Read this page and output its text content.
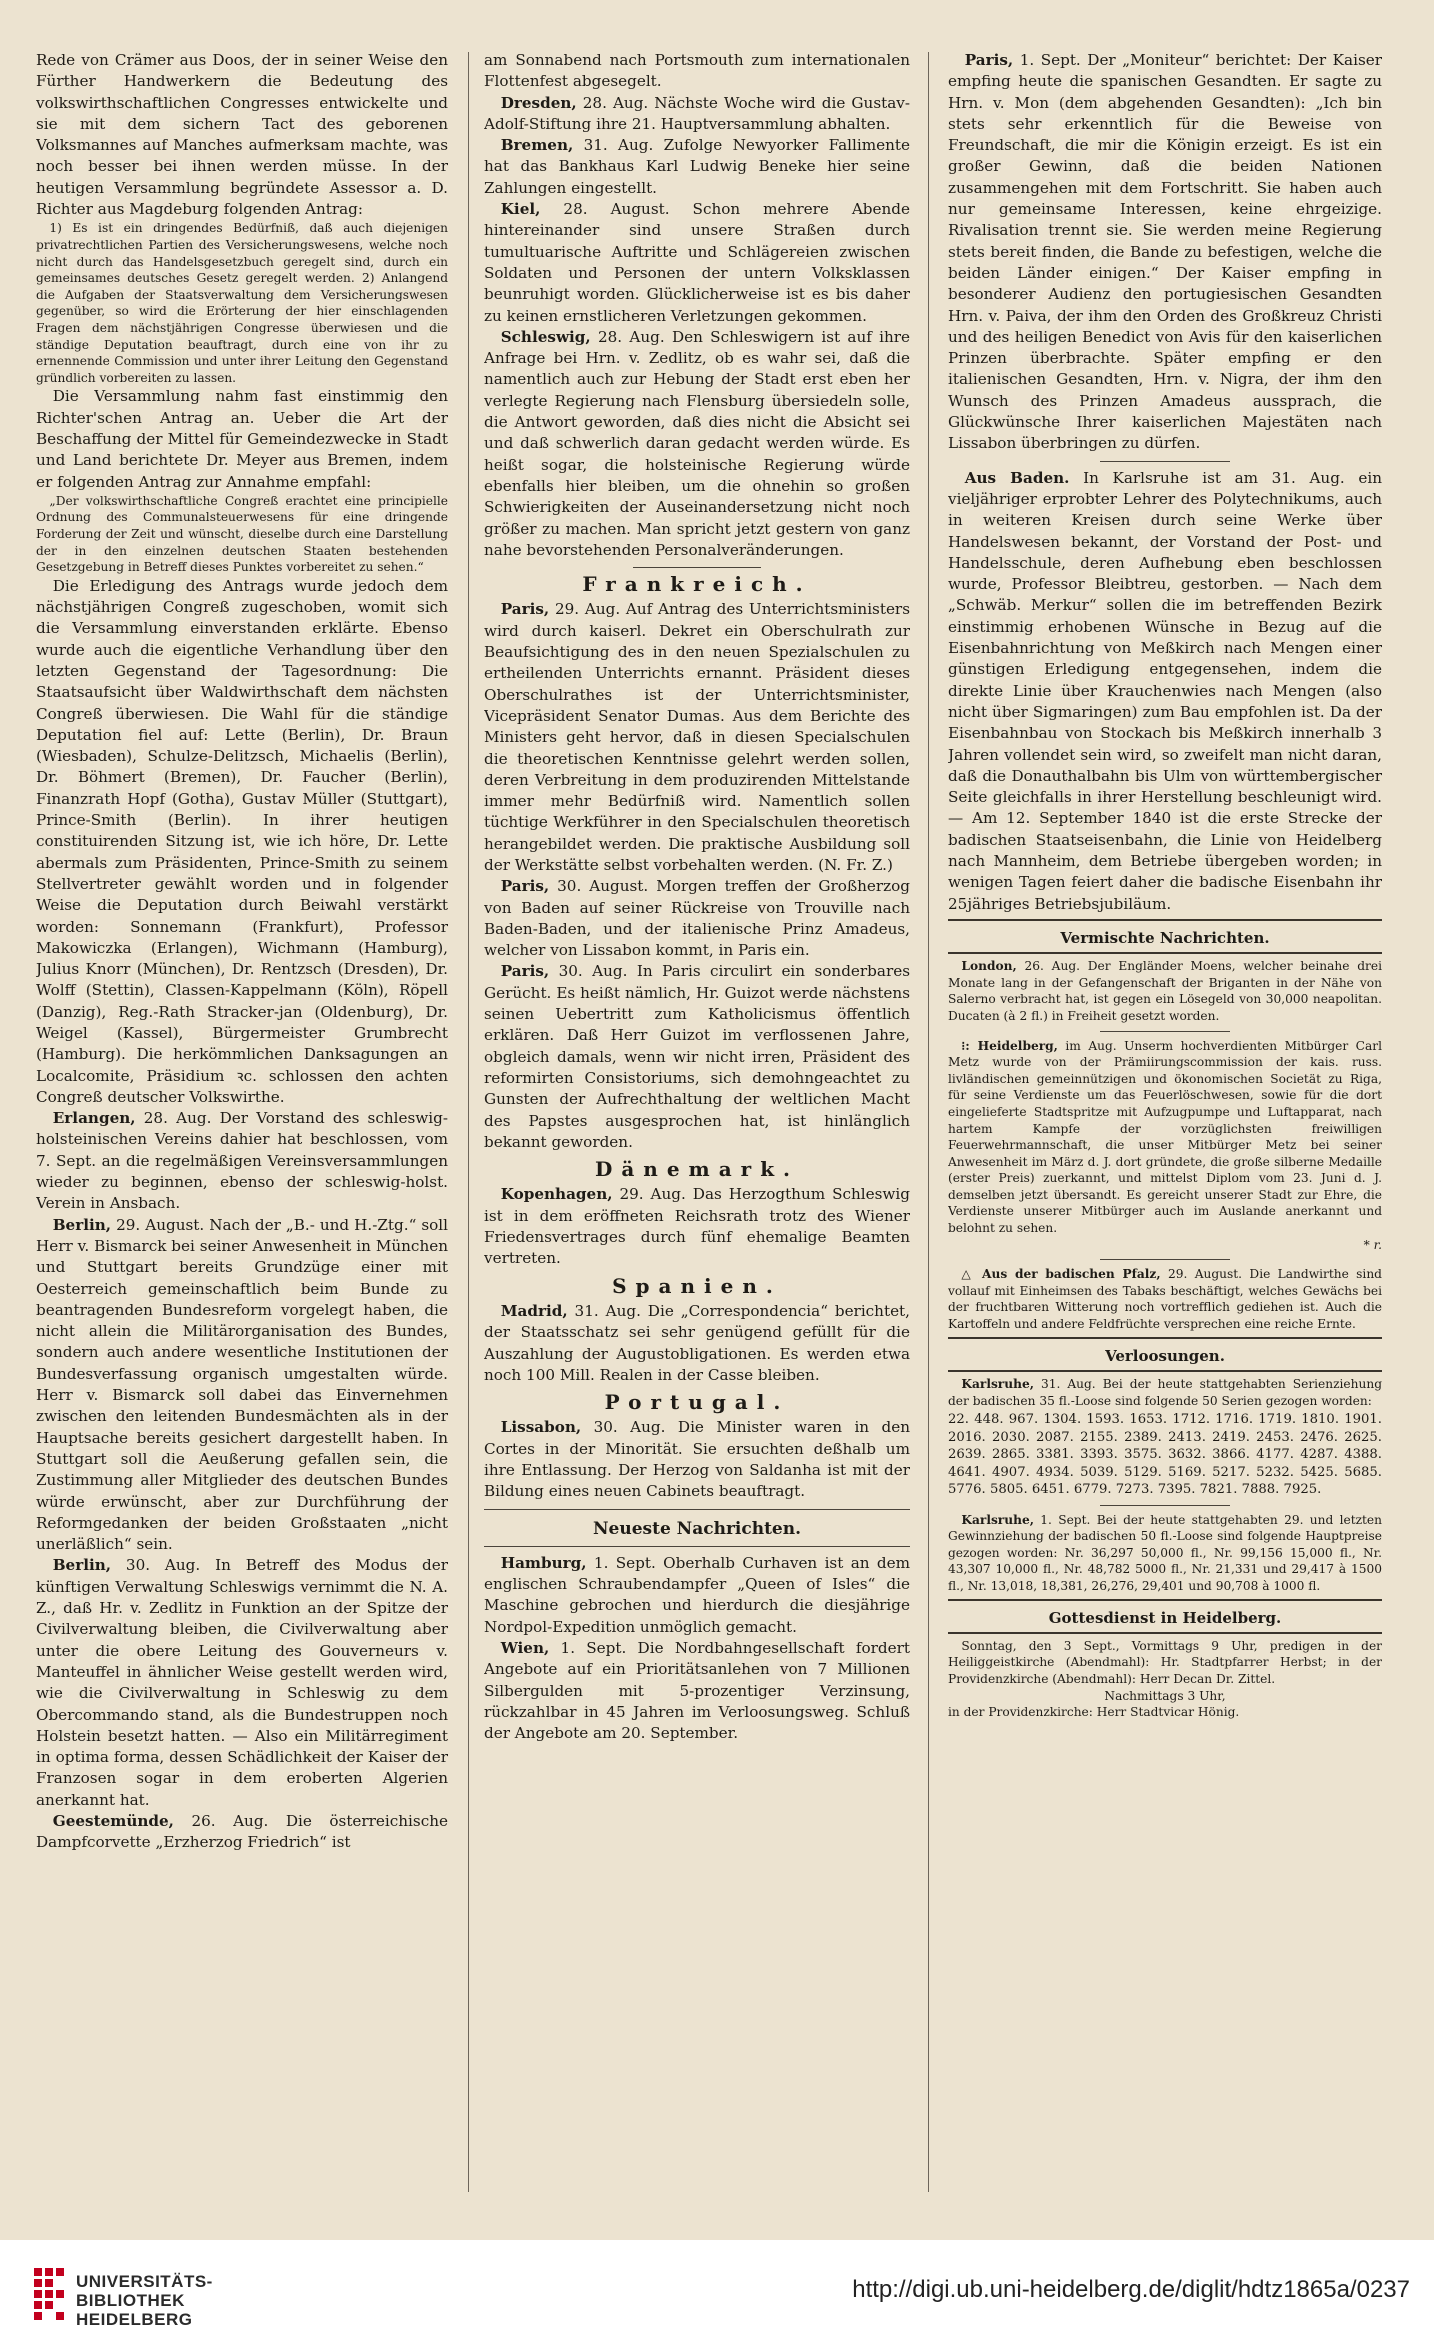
Rede von Crämer aus Doos, der in seiner Weise den Fürther Handwerkern die Bedeutung des volkswirthschaftlichen Congresses entwickelte und sie mit dem sichern Tact des geborenen Volksmannes auf Manches aufmerksam machte, was noch besser bei ihnen werden müsse. In der heutigen Versammlung begründete Assessor a. D. Richter aus Magdeburg folgenden Antrag:

1) Es ist ein dringendes Bedürfniß, daß auch diejenigen privatrechtlichen Partien des Versicherungswesens, welche noch nicht durch das Handelsgesetzbuch geregelt sind, durch ein gemeinsames deutsches Gesetz geregelt werden. 2) Anlangend die Aufgaben der Staatsverwaltung dem Versicherungswesen gegenüber, so wird die Erörterung der hier einschlagenden Fragen dem nächstjährigen Congresse überwiesen und die ständige Deputation beauftragt, durch eine von ihr zu ernennende Commission und unter ihrer Leitung den Gegenstand gründlich vorbereiten zu lassen.

Die Versammlung nahm fast einstimmig den Richter'schen Antrag an. Ueber die Art der Beschaffung der Mittel für Gemeindezwecke in Stadt und Land berichtete Dr. Meyer aus Bremen, indem er folgenden Antrag zur Annahme empfahl:

„Der volkswirthschaftliche Congreß erachtet eine principielle Ordnung des Communalsteuerwesens für eine dringende Forderung der Zeit und wünscht, dieselbe durch eine Darstellung der in den einzelnen deutschen Staaten bestehenden Gesetzgebung in Betreff dieses Punktes vorbereitet zu sehen.“

Die Erledigung des Antrags wurde jedoch dem nächstjährigen Congreß zugeschoben, womit sich die Versammlung einverstanden erklärte. Ebenso wurde auch die eigentliche Verhandlung über den letzten Gegenstand der Tagesordnung: Die Staatsaufsicht über Waldwirthschaft dem nächsten Congreß überwiesen. Die Wahl für die ständige Deputation fiel auf: Lette (Berlin), Dr. Braun (Wiesbaden), Schulze-Delitzsch, Michaelis (Berlin), Dr. Böhmert (Bremen), Dr. Faucher (Berlin), Finanzrath Hopf (Gotha), Gustav Müller (Stuttgart), Prince-Smith (Berlin). In ihrer heutigen constituirenden Sitzung ist, wie ich höre, Dr. Lette abermals zum Präsidenten, Prince-Smith zu seinem Stellvertreter gewählt worden und in folgender Weise die Deputation durch Beiwahl verstärkt worden: Sonnemann (Frankfurt), Professor Makowiczka (Erlangen), Wichmann (Hamburg), Julius Knorr (München), Dr. Rentzsch (Dresden), Dr. Wolff (Stettin), Classen-Kappelmann (Köln), Röpell (Danzig), Reg.-Rath Stracker-jan (Oldenburg), Dr. Weigel (Kassel), Bürgermeister Grumbrecht (Hamburg). Die herkömmlichen Danksagungen an Localcomite, Präsidium ꝛc. schlossen den achten Congreß deutscher Volkswirthe.

Erlangen, 28. Aug. Der Vorstand des schleswig-holsteinischen Vereins dahier hat beschlossen, vom 7. Sept. an die regelmäßigen Vereinsversammlungen wieder zu beginnen, ebenso der schleswig-holst. Verein in Ansbach.

Berlin, 29. August. Nach der „B.- und H.-Ztg.“ soll Herr v. Bismarck bei seiner Anwesenheit in München und Stuttgart bereits Grundzüge einer mit Oesterreich gemeinschaftlich beim Bunde zu beantragenden Bundesreform vorgelegt haben, die nicht allein die Militärorganisation des Bundes, sondern auch andere wesentliche Institutionen der Bundesverfassung organisch umgestalten würde. Herr v. Bismarck soll dabei das Einvernehmen zwischen den leitenden Bundesmächten als in der Hauptsache bereits gesichert dargestellt haben. In Stuttgart soll die Aeußerung gefallen sein, die Zustimmung aller Mitglieder des deutschen Bundes würde erwünscht, aber zur Durchführung der Reformgedanken der beiden Großstaaten „nicht unerläßlich“ sein.

Berlin, 30. Aug. In Betreff des Modus der künftigen Verwaltung Schleswigs vernimmt die N. A. Z., daß Hr. v. Zedlitz in Funktion an der Spitze der Civilverwaltung bleiben, die Civilverwaltung aber unter die obere Leitung des Gouverneurs v. Manteuffel in ähnlicher Weise gestellt werden wird, wie die Civilverwaltung in Schleswig zu dem Obercommando stand, als die Bundestruppen noch Holstein besetzt hatten. — Also ein Militärregiment in optima forma, dessen Schädlichkeit der Kaiser der Franzosen sogar in dem eroberten Algerien anerkannt hat.

Geestemünde, 26. Aug. Die österreichische Dampfcorvette „Erzherzog Friedrich“ ist

am Sonnabend nach Portsmouth zum internationalen Flottenfest abgesegelt.

Dresden, 28. Aug. Nächste Woche wird die Gustav-Adolf-Stiftung ihre 21. Hauptversammlung abhalten.

Bremen, 31. Aug. Zufolge Newyorker Fallimente hat das Bankhaus Karl Ludwig Beneke hier seine Zahlungen eingestellt.

Kiel, 28. August. Schon mehrere Abende hintereinander sind unsere Straßen durch tumultuarische Auftritte und Schlägereien zwischen Soldaten und Personen der untern Volksklassen beunruhigt worden. Glücklicherweise ist es bis daher zu keinen ernstlicheren Verletzungen gekommen.

Schleswig, 28. Aug. Den Schleswigern ist auf ihre Anfrage bei Hrn. v. Zedlitz, ob es wahr sei, daß die namentlich auch zur Hebung der Stadt erst eben her verlegte Regierung nach Flensburg übersiedeln solle, die Antwort geworden, daß dies nicht die Absicht sei und daß schwerlich daran gedacht werden würde. Es heißt sogar, die holsteinische Regierung würde ebenfalls hier bleiben, um die ohnehin so großen Schwierigkeiten der Auseinandersetzung nicht noch größer zu machen. Man spricht jetzt gestern von ganz nahe bevorstehenden Personalveränderungen.

Frankreich.

Paris, 29. Aug. Auf Antrag des Unterrichtsministers wird durch kaiserl. Dekret ein Oberschulrath zur Beaufsichtigung des in den neuen Spezialschulen zu ertheilenden Unterrichts ernannt. Präsident dieses Oberschulrathes ist der Unterrichtsminister, Vicepräsident Senator Dumas. Aus dem Berichte des Ministers geht hervor, daß in diesen Specialschulen die theoretischen Kenntnisse gelehrt werden sollen, deren Verbreitung in dem produzirenden Mittelstande immer mehr Bedürfniß wird. Namentlich sollen tüchtige Werkführer in den Specialschulen theoretisch herangebildet werden. Die praktische Ausbildung soll der Werkstätte selbst vorbehalten werden. (N. Fr. Z.)

Paris, 30. August. Morgen treffen der Großherzog von Baden auf seiner Rückreise von Trouville nach Baden-Baden, und der italienische Prinz Amadeus, welcher von Lissabon kommt, in Paris ein.

Paris, 30. Aug. In Paris circulirt ein sonderbares Gerücht. Es heißt nämlich, Hr. Guizot werde nächstens seinen Uebertritt zum Katholicismus öffentlich erklären. Daß Herr Guizot im verflossenen Jahre, obgleich damals, wenn wir nicht irren, Präsident des reformirten Consistoriums, sich demohngeachtet zu Gunsten der Aufrechthaltung der weltlichen Macht des Papstes ausgesprochen hat, ist hinlänglich bekannt geworden.

Dänemark.

Kopenhagen, 29. Aug. Das Herzogthum Schleswig ist in dem eröffneten Reichsrath trotz des Wiener Friedensvertrages durch fünf ehemalige Beamten vertreten.

Spanien.

Madrid, 31. Aug. Die „Correspondencia“ berichtet, der Staatsschatz sei sehr genügend gefüllt für die Auszahlung der Augustobligationen. Es werden etwa noch 100 Mill. Realen in der Casse bleiben.

Portugal.

Lissabon, 30. Aug. Die Minister waren in den Cortes in der Minorität. Sie ersuchten deßhalb um ihre Entlassung. Der Herzog von Saldanha ist mit der Bildung eines neuen Cabinets beauftragt.

Neueste Nachrichten.

Hamburg, 1. Sept. Oberhalb Curhaven ist an dem englischen Schraubendampfer „Queen of Isles“ die Maschine gebrochen und hierdurch die diesjährige Nordpol-Expedition unmöglich gemacht.

Wien, 1. Sept. Die Nordbahngesellschaft fordert Angebote auf ein Prioritätsanlehen von 7 Millionen Silbergulden mit 5-prozentiger Verzinsung, rückzahlbar in 45 Jahren im Verloosungsweg. Schluß der Angebote am 20. September.

Paris, 1. Sept. Der „Moniteur“ berichtet: Der Kaiser empfing heute die spanischen Gesandten. Er sagte zu Hrn. v. Mon (dem abgehenden Gesandten): „Ich bin stets sehr erkenntlich für die Beweise von Freundschaft, die mir die Königin erzeigt. Es ist ein großer Gewinn, daß die beiden Nationen zusammengehen mit dem Fortschritt. Sie haben auch nur gemeinsame Interessen, keine ehrgeizige. Rivalisation trennt sie. Sie werden meine Regierung stets bereit finden, die Bande zu befestigen, welche die beiden Länder einigen.“ Der Kaiser empfing in besonderer Audienz den portugiesischen Gesandten Hrn. v. Paiva, der ihm den Orden des Großkreuz Christi und des heiligen Benedict von Avis für den kaiserlichen Prinzen überbrachte. Später empfing er den italienischen Gesandten, Hrn. v. Nigra, der ihm den Wunsch des Prinzen Amadeus aussprach, die Glückwünsche Ihrer kaiserlichen Majestäten nach Lissabon überbringen zu dürfen.

Aus Baden. In Karlsruhe ist am 31. Aug. ein vieljähriger erprobter Lehrer des Polytechnikums, auch in weiteren Kreisen durch seine Werke über Handelswesen bekannt, der Vorstand der Post- und Handelsschule, deren Aufhebung eben beschlossen wurde, Professor Bleibtreu, gestorben. — Nach dem „Schwäb. Merkur“ sollen die im betreffenden Bezirk einstimmig erhobenen Wünsche in Bezug auf die Eisenbahnrichtung von Meßkirch nach Mengen einer günstigen Erledigung entgegensehen, indem die direkte Linie über Krauchenwies nach Mengen (also nicht über Sigmaringen) zum Bau empfohlen ist. Da der Eisenbahnbau von Stockach bis Meßkirch innerhalb 3 Jahren vollendet sein wird, so zweifelt man nicht daran, daß die Donauthalbahn bis Ulm von württembergischer Seite gleichfalls in ihrer Herstellung beschleunigt wird. — Am 12. September 1840 ist die erste Strecke der badischen Staatseisenbahn, die Linie von Heidelberg nach Mannheim, dem Betriebe übergeben worden; in wenigen Tagen feiert daher die badische Eisenbahn ihr 25jähriges Betriebsjubiläum.

Vermischte Nachrichten.

London, 26. Aug. Der Engländer Moens, welcher beinahe drei Monate lang in der Gefangenschaft der Briganten in der Nähe von Salerno verbracht hat, ist gegen ein Lösegeld von 30,000 neapolitan. Ducaten (à 2 fl.) in Freiheit gesetzt worden.

⁝: Heidelberg, im Aug. Unserm hochverdienten Mitbürger Carl Metz wurde von der Prämiirungscommission der kais. russ. livländischen gemeinnützigen und ökonomischen Societät zu Riga, für seine Verdienste um das Feuerlöschwesen, sowie für die dort eingelieferte Stadtspritze mit Aufzugpumpe und Luftapparat, nach hartem Kampfe der vorzüglichsten freiwilligen Feuerwehrmannschaft, die unser Mitbürger Metz bei seiner Anwesenheit im März d. J. dort gründete, die große silberne Medaille (erster Preis) zuerkannt, und mittelst Diplom vom 23. Juni d. J. demselben jetzt übersandt. Es gereicht unserer Stadt zur Ehre, die Verdienste unserer Mitbürger auch im Auslande anerkannt und belohnt zu sehen.

* r.

△ Aus der badischen Pfalz, 29. August. Die Landwirthe sind vollauf mit Einheimsen des Tabaks beschäftigt, welches Gewächs bei der fruchtbaren Witterung noch vortrefflich gediehen ist. Auch die Kartoffeln und andere Feldfrüchte versprechen eine reiche Ernte.

Verloosungen.

Karlsruhe, 31. Aug. Bei der heute stattgehabten Serienziehung der badischen 35 fl.-Loose sind folgende 50 Serien gezogen worden:

22. 448. 967. 1304. 1593. 1653. 1712. 1716. 1719. 1810. 1901. 2016. 2030. 2087. 2155. 2389. 2413. 2419. 2453. 2476. 2625. 2639. 2865. 3381. 3393. 3575. 3632. 3866. 4177. 4287. 4388. 4641. 4907. 4934. 5039. 5129. 5169. 5217. 5232. 5425. 5685. 5776. 5805. 6451. 6779. 7273. 7395. 7821. 7888. 7925.

Karlsruhe, 1. Sept. Bei der heute stattgehabten 29. und letzten Gewinnziehung der badischen 50 fl.-Loose sind folgende Hauptpreise gezogen worden: Nr. 36,297 50,000 fl., Nr. 99,156 15,000 fl., Nr. 43,307 10,000 fl., Nr. 48,782 5000 fl., Nr. 21,331 und 29,417 à 1500 fl., Nr. 13,018, 18,381, 26,276, 29,401 und 90,708 à 1000 fl.

Gottesdienst in Heidelberg.

Sonntag, den 3 Sept., Vormittags 9 Uhr, predigen in der Heiliggeistkirche (Abendmahl): Hr. Stadtpfarrer Herbst; in der Providenzkirche (Abendmahl): Herr Decan Dr. Zittel.

Nachmittags 3 Uhr,

in der Providenzkirche: Herr Stadtvicar Hönig.

UNIVERSITÄTS-
BIBLIOTHEK
HEIDELBERG
http://digi.ub.uni-heidelberg.de/diglit/hdtz1865a/0237
